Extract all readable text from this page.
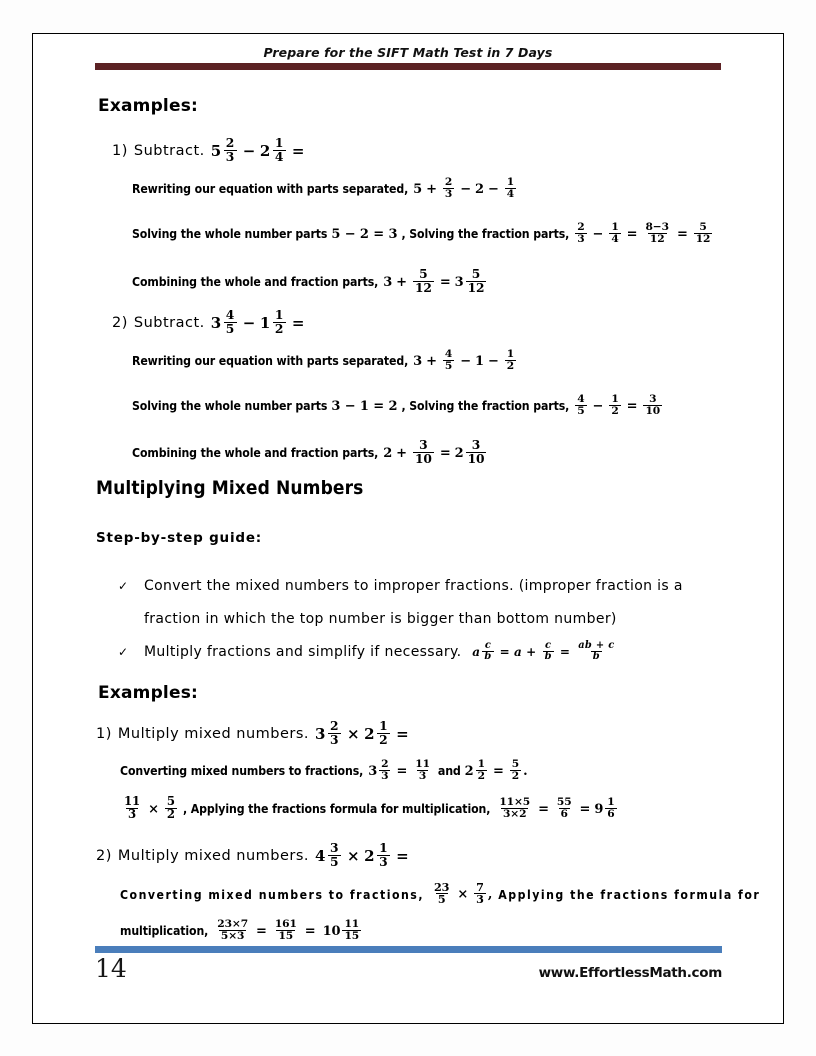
Prepare for the SIFT Math Test in 7 Days
Examples:
1) Subtract. $5 \frac{2}{3} - 2 \frac{1}{4}$ =
Rewriting our equation with parts separated, $5 + \frac{2}{3} - 2 - \frac{1}{4}$
Solving the whole number parts 5 − 2 = 3 , Solving the fraction parts, $\frac{2}{3} - \frac{1}{4} = \frac{8-3}{12} = \frac{5}{12}$
Combining the whole and fraction parts, $3 + \frac{5}{12} = 3 \frac{5}{12}$
2) Subtract. $3 \frac{4}{5} - 1 \frac{1}{2}$ =
Rewriting our equation with parts separated, $3 + \frac{4}{5} - 1 - \frac{1}{2}$
Solving the whole number parts 3 − 1 = 2 , Solving the fraction parts, $\frac{4}{5} - \frac{1}{2} = \frac{3}{10}$
Combining the whole and fraction parts, $2 + \frac{3}{10} = 2 \frac{3}{10}$
Multiplying Mixed Numbers
Step-by-step guide:
✓ Convert the mixed numbers to improper fractions. (improper fraction is a
fraction in which the top number is bigger than bottom number)
✓ Multiply fractions and simplify if necessary. a $\frac{c}{b} = a + \frac{c}{b} = \frac{ab + c}{b}$
Examples:
1) Multiply mixed numbers. $3 \frac{2}{3} \times 2 \frac{1}{2}$ =
Converting mixed numbers to fractions, $3 \frac{2}{3} = \frac{11}{3}$ and $2 \frac{1}{2} = \frac{5}{2}$ .
$\frac{11}{3} \times \frac{5}{2}$ , Applying the fractions formula for multiplication, $\frac{11\times 5}{3\times 2} = \frac{55}{6} = 9 \frac{1}{6}$
2) Multiply mixed numbers. $4 \frac{3}{5} \times 2 \frac{1}{3}$ =
Converting mixed numbers to fractions, $\frac{23}{5} \times \frac{7}{3}$ , Applying the fractions formula for
multiplication, $\frac{23\times 7}{5\times 3} = \frac{161}{15} = 10 \frac{11}{15}$
14	www.EffortlessMath.com
